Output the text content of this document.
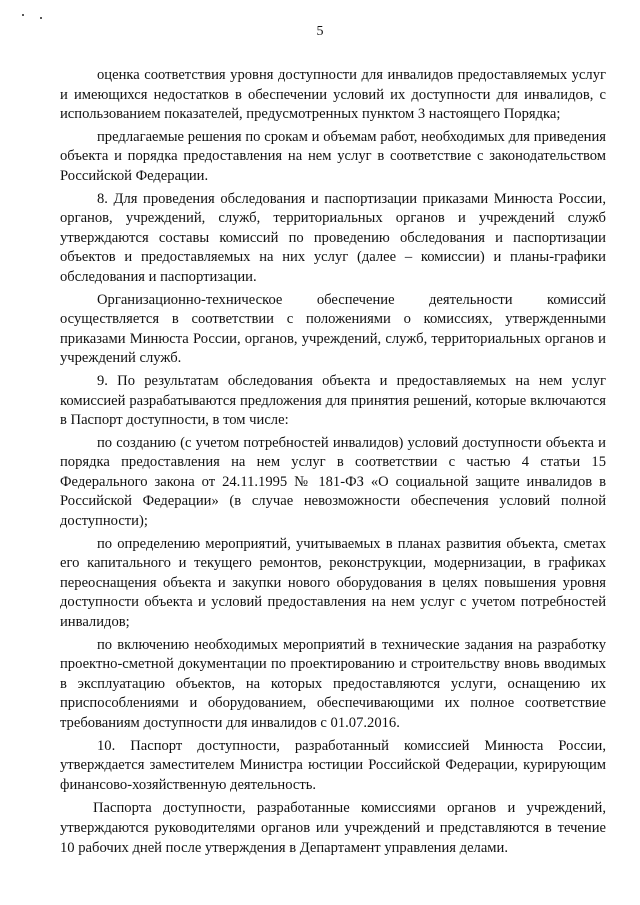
5

оценка соответствия уровня доступности для инвалидов предоставляемых услуг и имеющихся недостатков в обеспечении условий их доступности для инвалидов, с использованием показателей, предусмотренных пунктом 3 настоящего Порядка;

предлагаемые решения по срокам и объемам работ, необходимых для приведения объекта и порядка предоставления на нем услуг в соответствие с законодательством Российской Федерации.

8. Для проведения обследования и паспортизации приказами Минюста России, органов, учреждений, служб, территориальных органов и учреждений служб утверждаются составы комиссий по проведению обследования и паспортизации объектов и предоставляемых на них услуг (далее – комиссии) и планы-графики обследования и паспортизации.

Организационно-техническое обеспечение деятельности комиссий осуществляется в соответствии с положениями о комиссиях, утвержденными приказами Минюста России, органов, учреждений, служб, территориальных органов и учреждений служб.

9. По результатам обследования объекта и предоставляемых на нем услуг комиссией разрабатываются предложения для принятия решений, которые включаются в Паспорт доступности, в том числе:

по созданию (с учетом потребностей инвалидов) условий доступности объекта и порядка предоставления на нем услуг в соответствии с частью 4 статьи 15 Федерального закона от 24.11.1995 № 181-ФЗ «О социальной защите инвалидов в Российской Федерации» (в случае невозможности обеспечения условий полной доступности);

по определению мероприятий, учитываемых в планах развития объекта, сметах его капитального и текущего ремонтов, реконструкции, модернизации, в графиках переоснащения объекта и закупки нового оборудования в целях повышения уровня доступности объекта и условий предоставления на нем услуг с учетом потребностей инвалидов;

по включению необходимых мероприятий в технические задания на разработку проектно-сметной документации по проектированию и строительству вновь вводимых в эксплуатацию объектов, на которых предоставляются услуги, оснащению их приспособлениями и оборудованием, обеспечивающими их полное соответствие требованиям доступности для инвалидов с 01.07.2016.

10. Паспорт доступности, разработанный комиссией Минюста России, утверждается заместителем Министра юстиции Российской Федерации, курирующим финансово-хозяйственную деятельность.

Паспорта доступности, разработанные комиссиями органов и учреждений, утверждаются руководителями органов или учреждений и представляются в течение 10 рабочих дней после утверждения в Департамент управления делами.
